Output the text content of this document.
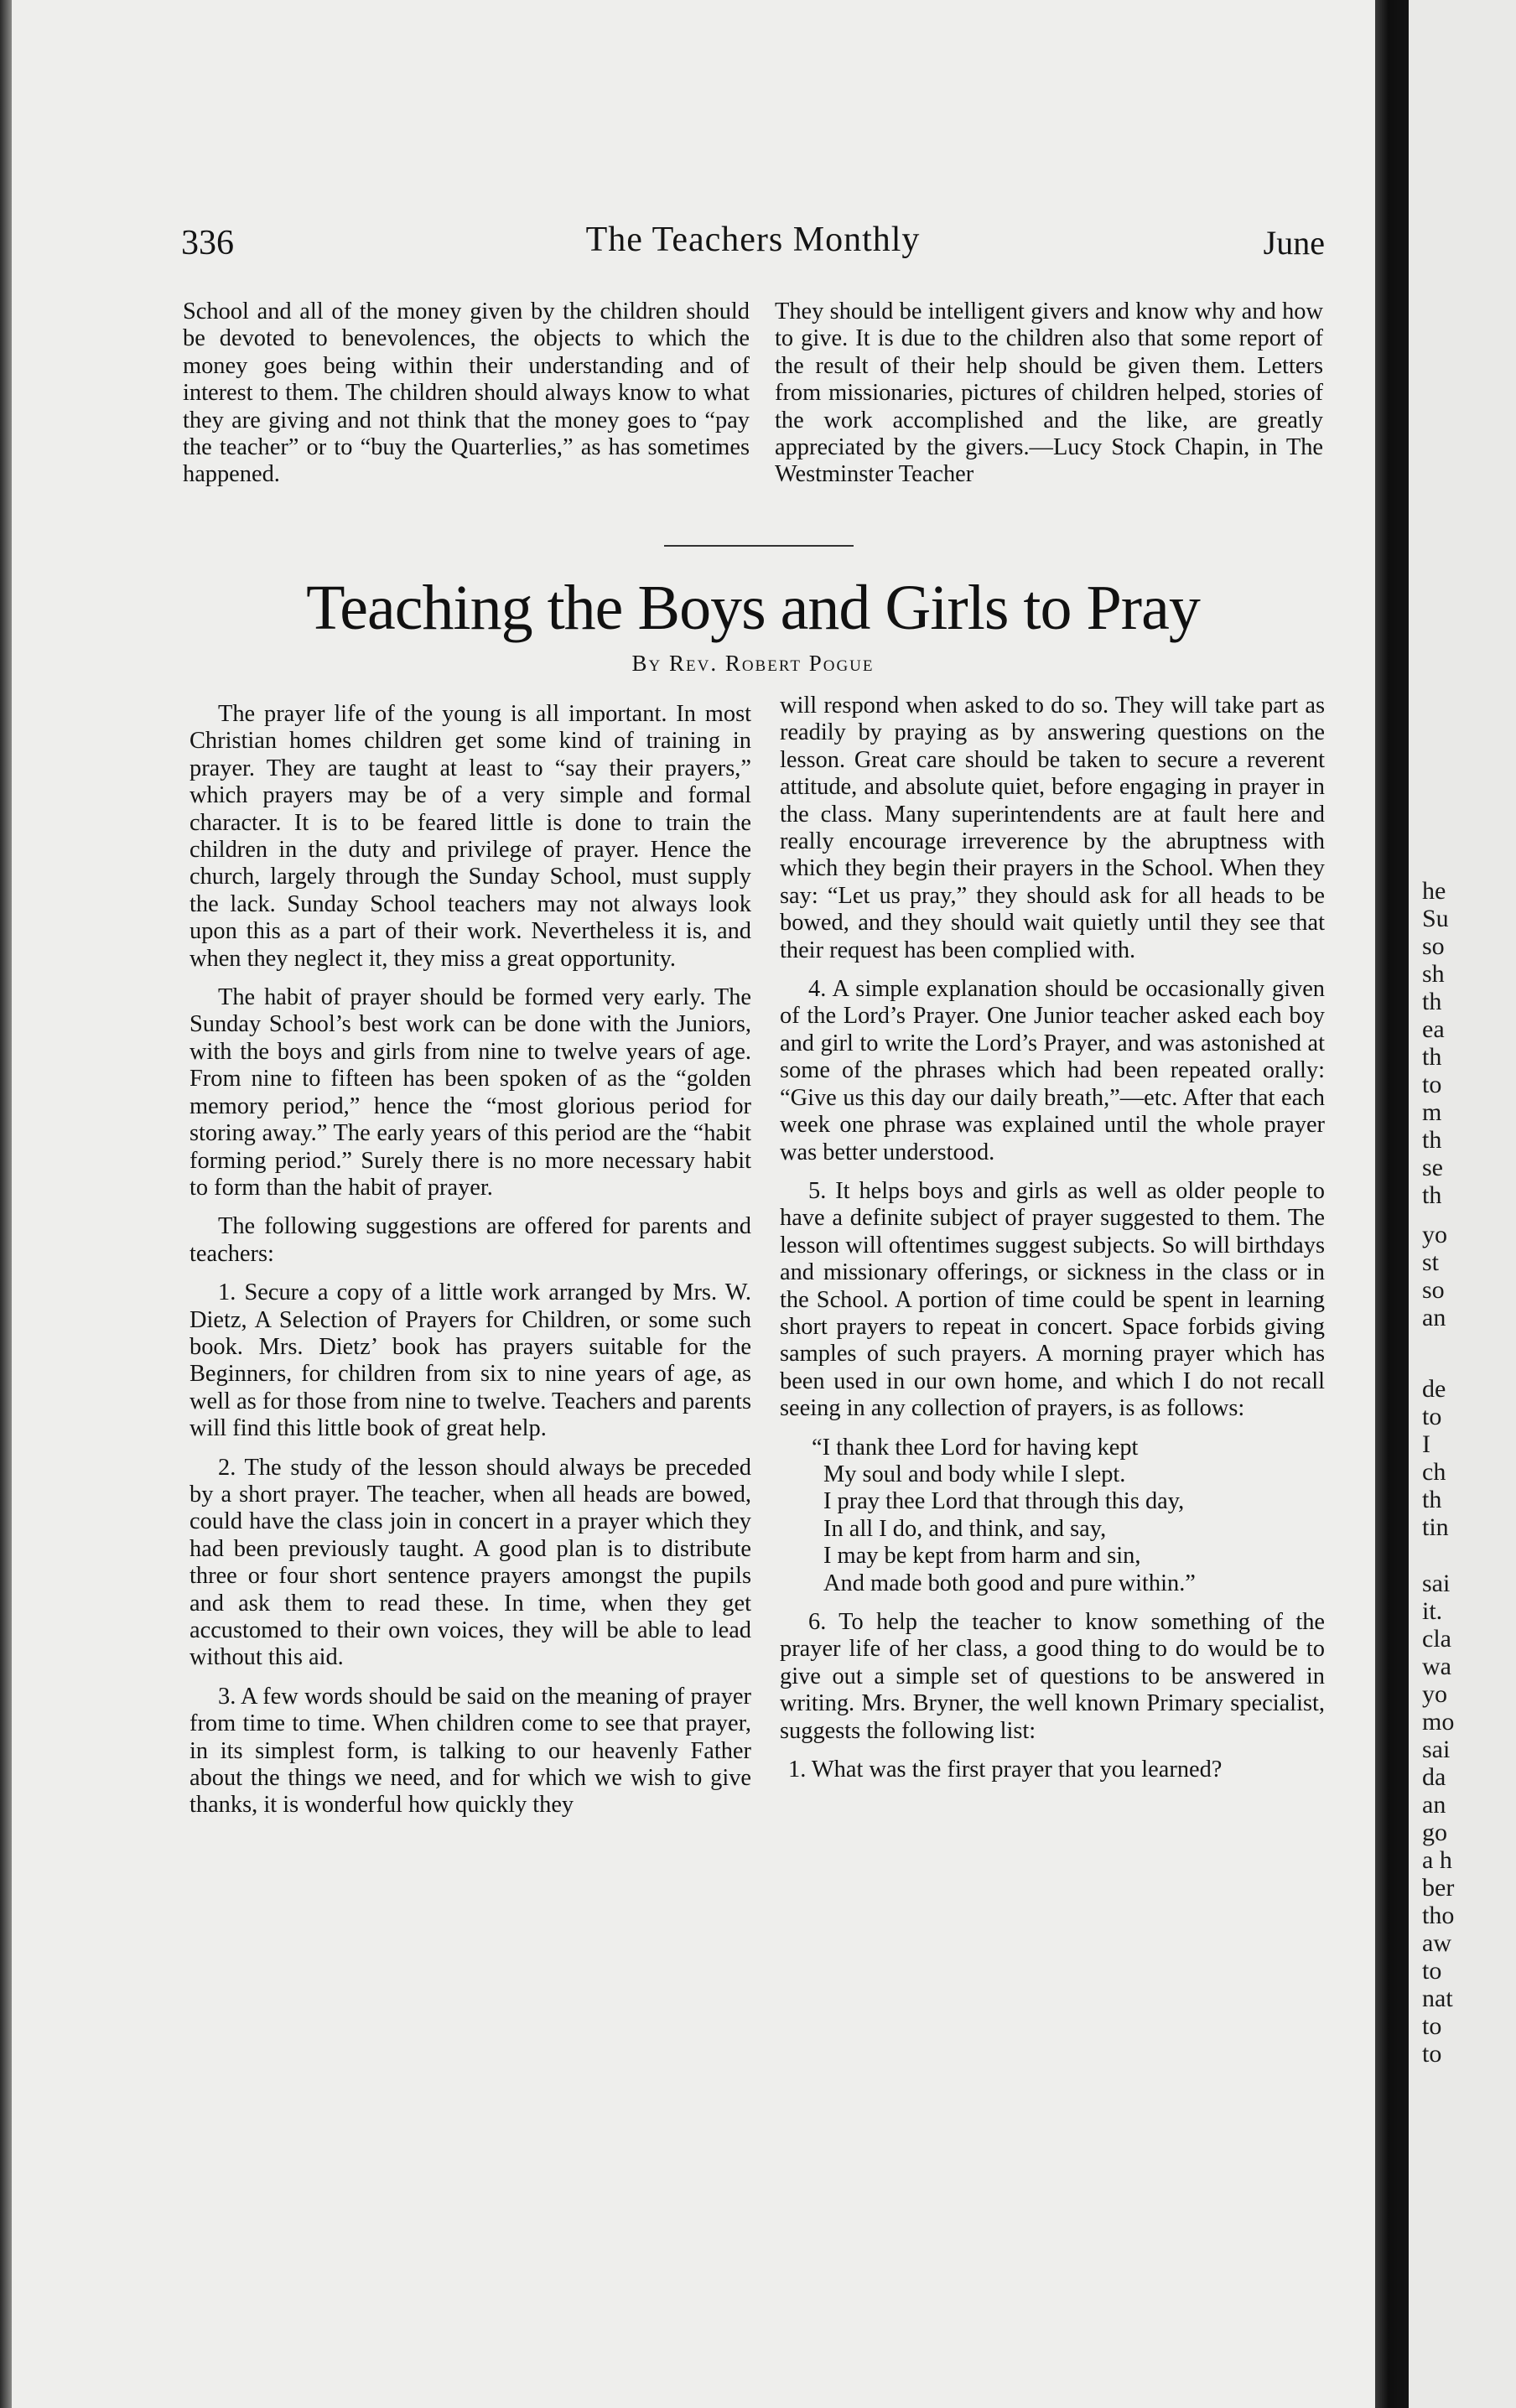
336	The Teachers Monthly	June

School and all of the money given by the children should be devoted to benevolences, the objects to which the money goes being within their understanding and of interest to them. The children should always know to what they are giving and not think that the money goes to “pay the teacher” or to “buy the Quarterlies,” as has sometimes happened.

They should be intelligent givers and know why and how to give. It is due to the children also that some report of the result of their help should be given them. Letters from missionaries, pictures of children helped, stories of the work accomplished and the like, are greatly appreciated by the givers.—Lucy Stock Chapin, in The Westminster Teacher

Teaching the Boys and Girls to Pray
By Rev. Robert Pogue

The prayer life of the young is all important. In most Christian homes children get some kind of training in prayer. They are taught at least to “say their prayers,” which prayers may be of a very simple and formal character. It is to be feared little is done to train the children in the duty and privilege of prayer. Hence the church, largely through the Sunday School, must supply the lack. Sunday School teachers may not always look upon this as a part of their work. Nevertheless it is, and when they neglect it, they miss a great opportunity.

The habit of prayer should be formed very early. The Sunday School’s best work can be done with the Juniors, with the boys and girls from nine to twelve years of age. From nine to fifteen has been spoken of as the “golden memory period,” hence the “most glorious period for storing away.” The early years of this period are the “habit forming period.” Surely there is no more necessary habit to form than the habit of prayer.

The following suggestions are offered for parents and teachers:

1. Secure a copy of a little work arranged by Mrs. W. Dietz, A Selection of Prayers for Children, or some such book. Mrs. Dietz’ book has prayers suitable for the Beginners, for children from six to nine years of age, as well as for those from nine to twelve. Teachers and parents will find this little book of great help.

2. The study of the lesson should always be preceded by a short prayer. The teacher, when all heads are bowed, could have the class join in concert in a prayer which they had been previously taught. A good plan is to distribute three or four short sentence prayers amongst the pupils and ask them to read these. In time, when they get accustomed to their own voices, they will be able to lead without this aid.

3. A few words should be said on the meaning of prayer from time to time. When children come to see that prayer, in its simplest form, is talking to our heavenly Father about the things we need, and for which we wish to give thanks, it is wonderful how quickly they

will respond when asked to do so. They will take part as readily by praying as by answering questions on the lesson. Great care should be taken to secure a reverent attitude, and absolute quiet, before engaging in prayer in the class. Many superintendents are at fault here and really encourage irreverence by the abruptness with which they begin their prayers in the School. When they say: “Let us pray,” they should ask for all heads to be bowed, and they should wait quietly until they see that their request has been complied with.

4. A simple explanation should be occasionally given of the Lord’s Prayer. One Junior teacher asked each boy and girl to write the Lord’s Prayer, and was astonished at some of the phrases which had been repeated orally: “Give us this day our daily breath,”—etc. After that each week one phrase was explained until the whole prayer was better understood.

5. It helps boys and girls as well as older people to have a definite subject of prayer suggested to them. The lesson will oftentimes suggest subjects. So will birthdays and missionary offerings, or sickness in the class or in the School. A portion of time could be spent in learning short prayers to repeat in concert. Space forbids giving samples of such prayers. A morning prayer which has been used in our own home, and which I do not recall seeing in any collection of prayers, is as follows:

“I thank thee Lord for having kept
My soul and body while I slept.
I pray thee Lord that through this day,
In all I do, and think, and say,
I may be kept from harm and sin,
And made both good and pure within.”

6. To help the teacher to know something of the prayer life of her class, a good thing to do would be to give out a simple set of questions to be answered in writing. Mrs. Bryner, the well known Primary specialist, suggests the following list:

1. What was the first prayer that you learned?

he
Su
so
sh
th
ea
th
to
m
th
se
th
yo
st
so
an
de
to
I
ch
th
tin
sai
it.
cla
wa
yo
mo
sai
da
an
go
a h
ber
tho
aw
to
nat
to
to
